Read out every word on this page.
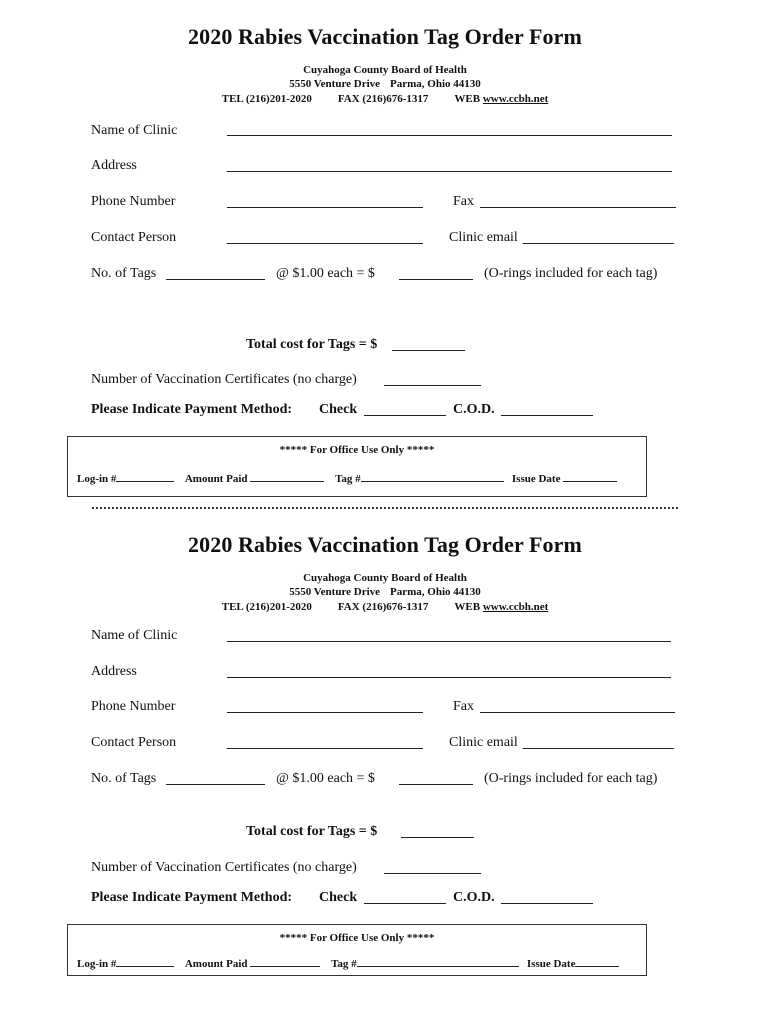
2020 Rabies Vaccination Tag Order Form
Cuyahoga County Board of Health
5550 Venture Drive Parma, Ohio 44130
TEL (216)201-2020 FAX (216)676-1317 WEB www.ccbh.net
Name of Clinic
Address
Phone Number	Fax
Contact Person	Clinic email
No. of Tags	@ $1.00 each = $	(O-rings included for each tag)
Total cost for Tags = $
Number of Vaccination Certificates (no charge)
Please Indicate Payment Method: Check	C.O.D.
***** For Office Use Only *****
Log-in #	Amount Paid	Tag #	Issue Date
2020 Rabies Vaccination Tag Order Form
Cuyahoga County Board of Health
5550 Venture Drive Parma, Ohio 44130
TEL (216)201-2020 FAX (216)676-1317 WEB www.ccbh.net
Name of Clinic
Address
Phone Number	Fax
Contact Person	Clinic email
No. of Tags	@ $1.00 each = $	(O-rings included for each tag)
Total cost for Tags = $
Number of Vaccination Certificates (no charge)
Please Indicate Payment Method: Check	C.O.D.
***** For Office Use Only *****
Log-in #	Amount Paid	Tag #	Issue Date
